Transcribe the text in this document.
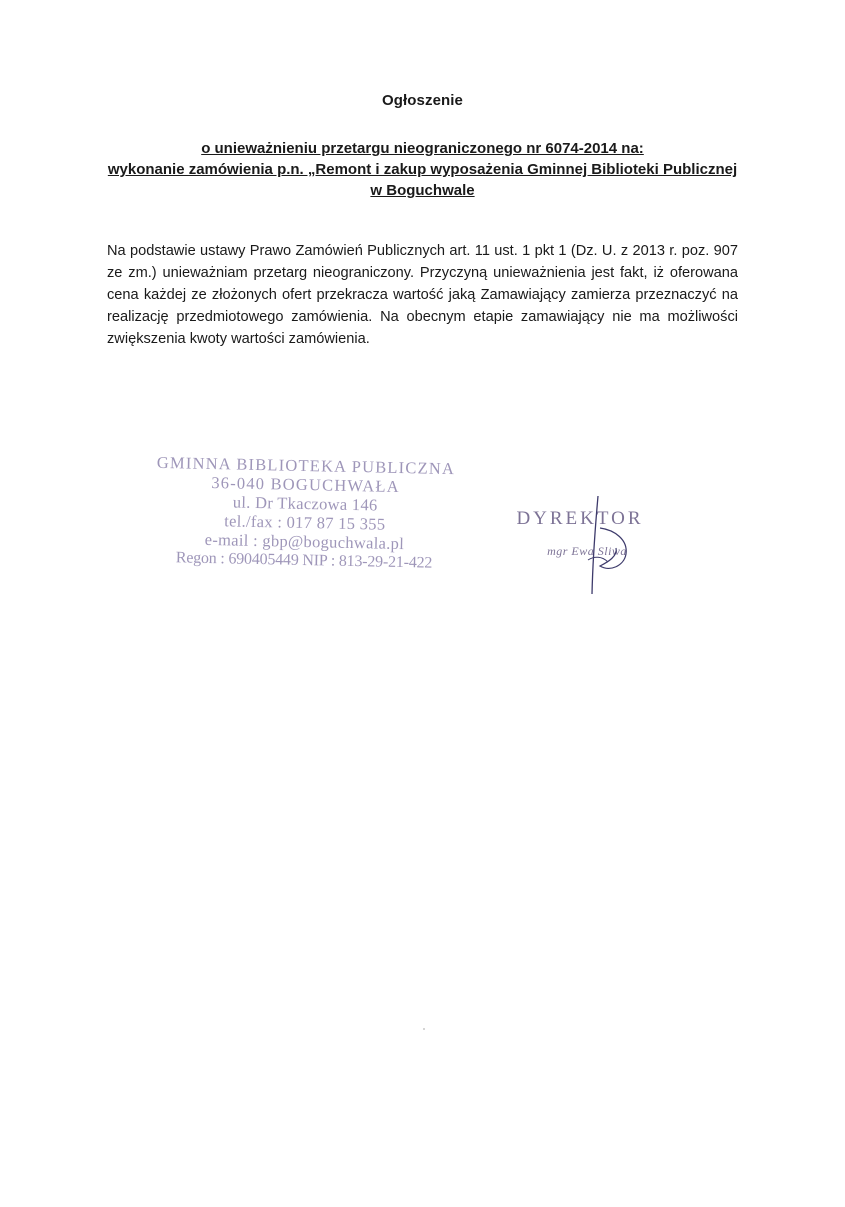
Ogłoszenie
o unieważnieniu przetargu nieograniczonego nr 6074-2014 na:
wykonanie zamówienia p.n. „Remont i zakup wyposażenia Gminnej Biblioteki Publicznej
w Boguchwale
Na podstawie ustawy Prawo Zamówień Publicznych art. 11 ust. 1 pkt 1 (Dz. U. z 2013 r. poz. 907 ze zm.) unieważniam przetarg nieograniczony. Przyczyną unieważnienia jest fakt, iż oferowana cena każdej ze złożonych ofert przekracza wartość jaką Zamawiający zamierza przeznaczyć na realizację przedmiotowego zamówienia. Na obecnym etapie zamawiający nie ma możliwości zwiększenia kwoty wartości zamówienia.
GMINNA BIBLIOTEKA PUBLICZNA
36-040 BOGUCHWAŁA
ul. Dr Tkaczowa 146
tel./fax : 017 87 15 355
e-mail : gbp@boguchwala.pl
Regon : 690405449 NIP : 813-29-21-422
DYREKTOR
mgr Ewa Sliwa
